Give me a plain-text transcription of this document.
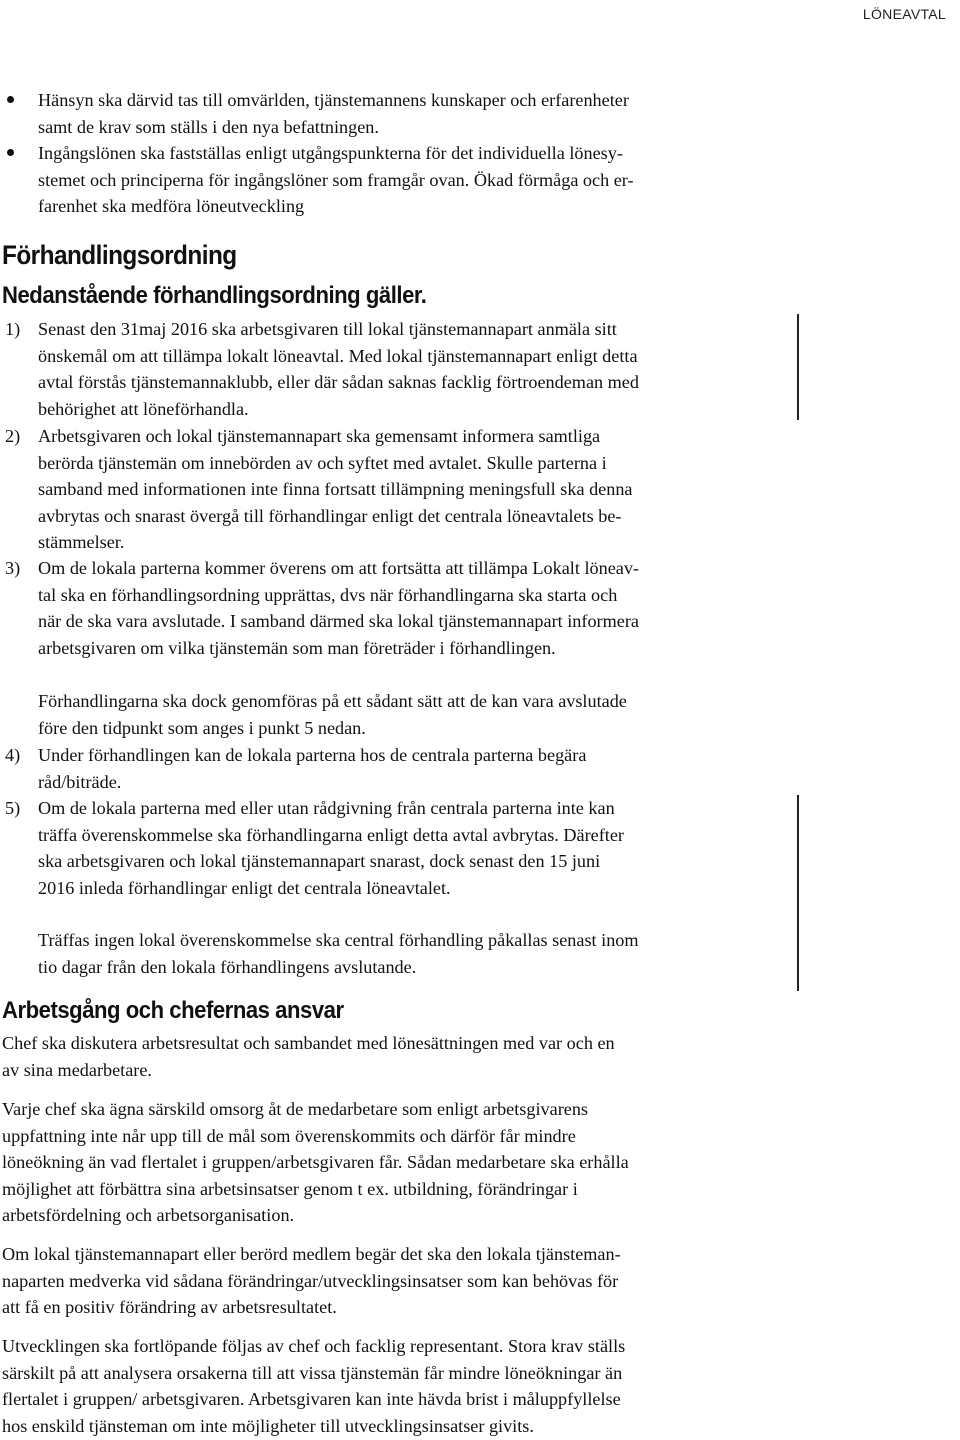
LÖNEAVTAL

Hänsyn ska därvid tas till omvärlden, tjänstemannens kunskaper och erfarenheter
samt de krav som ställs i den nya befattningen.

Ingångslönen ska fastställas enligt utgångspunkterna för det individuella lönesy-
stemet och principerna för ingångslöner som framgår ovan. Ökad förmåga och er-
farenhet ska medföra löneutveckling

Förhandlingsordning
Nedanstående förhandlingsordning gäller.
1) Senast den 31maj 2016 ska arbetsgivaren till lokal tjänstemannapart anmäla sitt
önskemål om att tillämpa lokalt löneavtal. Med lokal tjänstemannapart enligt detta
avtal förstås tjänstemannaklubb, eller där sådan saknas facklig förtroendeman med
behörighet att löneförhandla.

2) Arbetsgivaren och lokal tjänstemannapart ska gemensamt informera samtliga
berörda tjänstemän om innebörden av och syftet med avtalet. Skulle parterna i
samband med informationen inte finna fortsatt tillämpning meningsfull ska denna
avbrytas och snarast övergå till förhandlingar enligt det centrala löneavtalets be-
stämmelser.

3) Om de lokala parterna kommer överens om att fortsätta att tillämpa Lokalt löneav-
tal ska en förhandlingsordning upprättas, dvs när förhandlingarna ska starta och
när de ska vara avslutade. I samband därmed ska lokal tjänstemannapart informera
arbetsgivaren om vilka tjänstemän som man företräder i förhandlingen.

Förhandlingarna ska dock genomföras på ett sådant sätt att de kan vara avslutade
före den tidpunkt som anges i punkt 5 nedan.

4) Under förhandlingen kan de lokala parterna hos de centrala parterna begära
råd/biträde.

5) Om de lokala parterna med eller utan rådgivning från centrala parterna inte kan
träffa överenskommelse ska förhandlingarna enligt detta avtal avbrytas. Därefter
ska arbetsgivaren och lokal tjänstemannapart snarast, dock senast den 15 juni
2016 inleda förhandlingar enligt det centrala löneavtalet.

Träffas ingen lokal överenskommelse ska central förhandling påkallas senast inom
tio dagar från den lokala förhandlingens avslutande.

Arbetsgång och chefernas ansvar

Chef ska diskutera arbetsresultat och sambandet med lönesättningen med var och en
av sina medarbetare.

Varje chef ska ägna särskild omsorg åt de medarbetare som enligt arbetsgivarens
uppfattning inte når upp till de mål som överenskommits och därför får mindre
löneökning än vad flertalet i gruppen/arbetsgivaren får. Sådan medarbetare ska erhålla
möjlighet att förbättra sina arbetsinsatser genom t ex. utbildning, förändringar i
arbetsfördelning och arbetsorganisation.

Om lokal tjänstemannapart eller berörd medlem begär det ska den lokala tjänsteman-
naparten medverka vid sådana förändringar/utvecklingsinsatser som kan behövas för
att få en positiv förändring av arbetsresultatet.

Utvecklingen ska fortlöpande följas av chef och facklig representant. Stora krav ställs
särskilt på att analysera orsakerna till att vissa tjänstemän får mindre löneökningar än
flertalet i gruppen/ arbetsgivaren. Arbetsgivaren kan inte hävda brist i måluppfyllelse
hos enskild tjänsteman om inte möjligheter till utvecklingsinsatser givits.
